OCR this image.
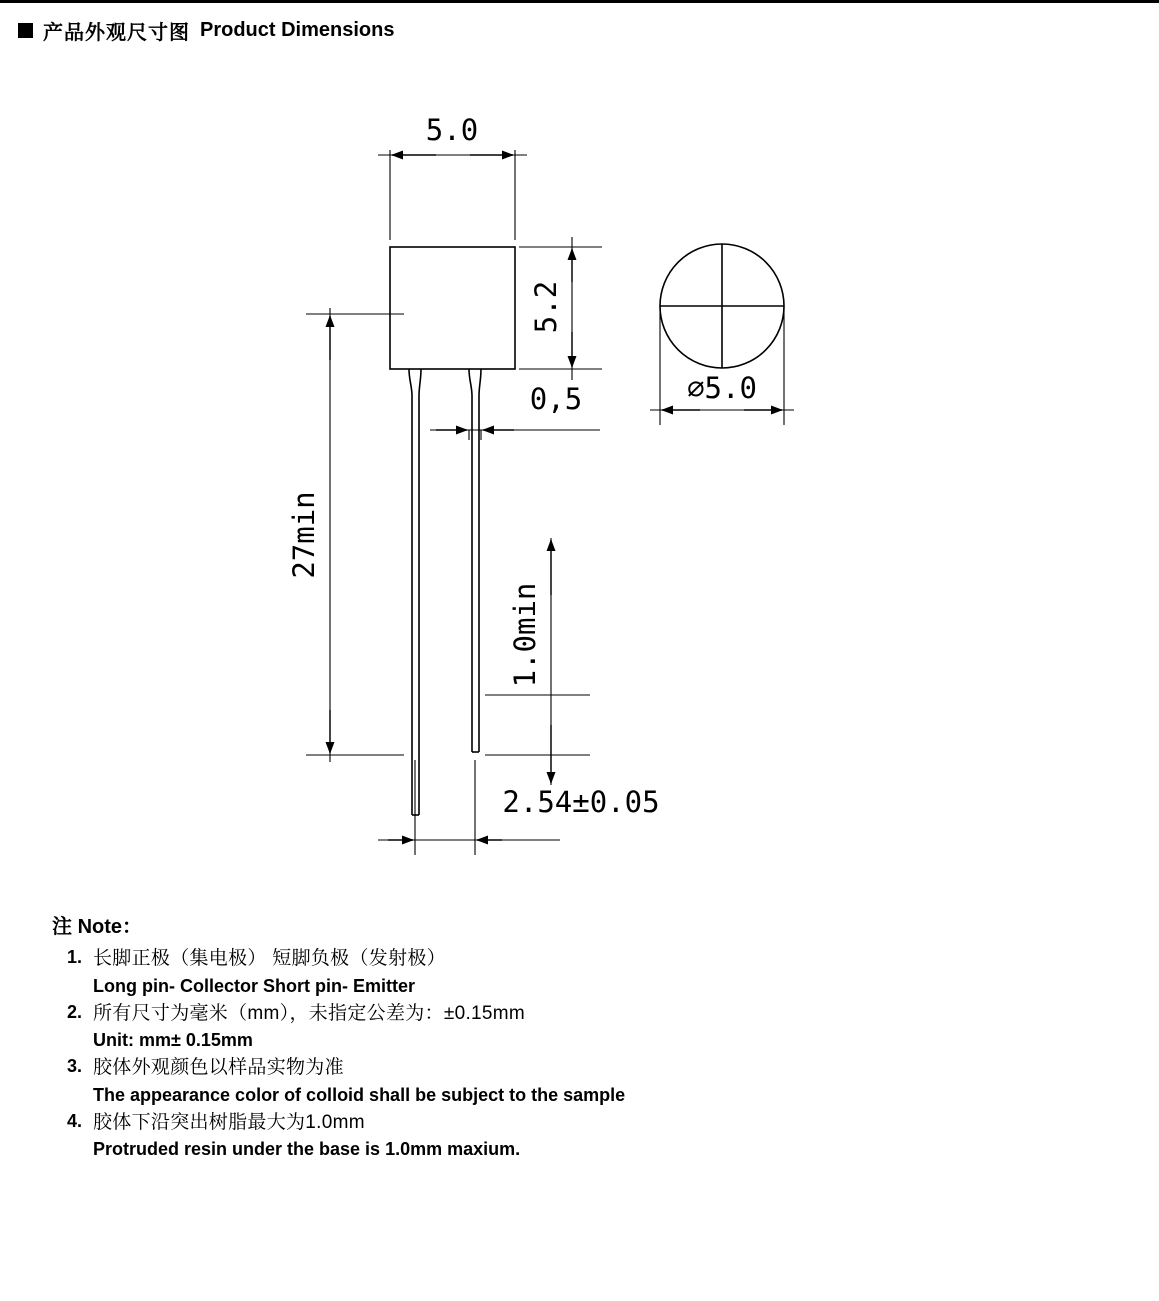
产品外观尺寸图 Product Dimensions
5.0
5.2
⌀5.0
0,5
27min
1.0min
2.54±0.05
注 Note：
1. 长脚正极（集电极） 短脚负极（发射极）
Long pin- Collector Short pin- Emitter
2. 所有尺寸为毫米（mm），未指定公差为：±0.15mm
Unit: mm± 0.15mm
3. 胶体外观颜色以样品实物为准
The appearance color of colloid shall be subject to the sample
4. 胶体下沿突出树脂最大为1.0mm
Protruded resin under the base is 1.0mm maxium.
